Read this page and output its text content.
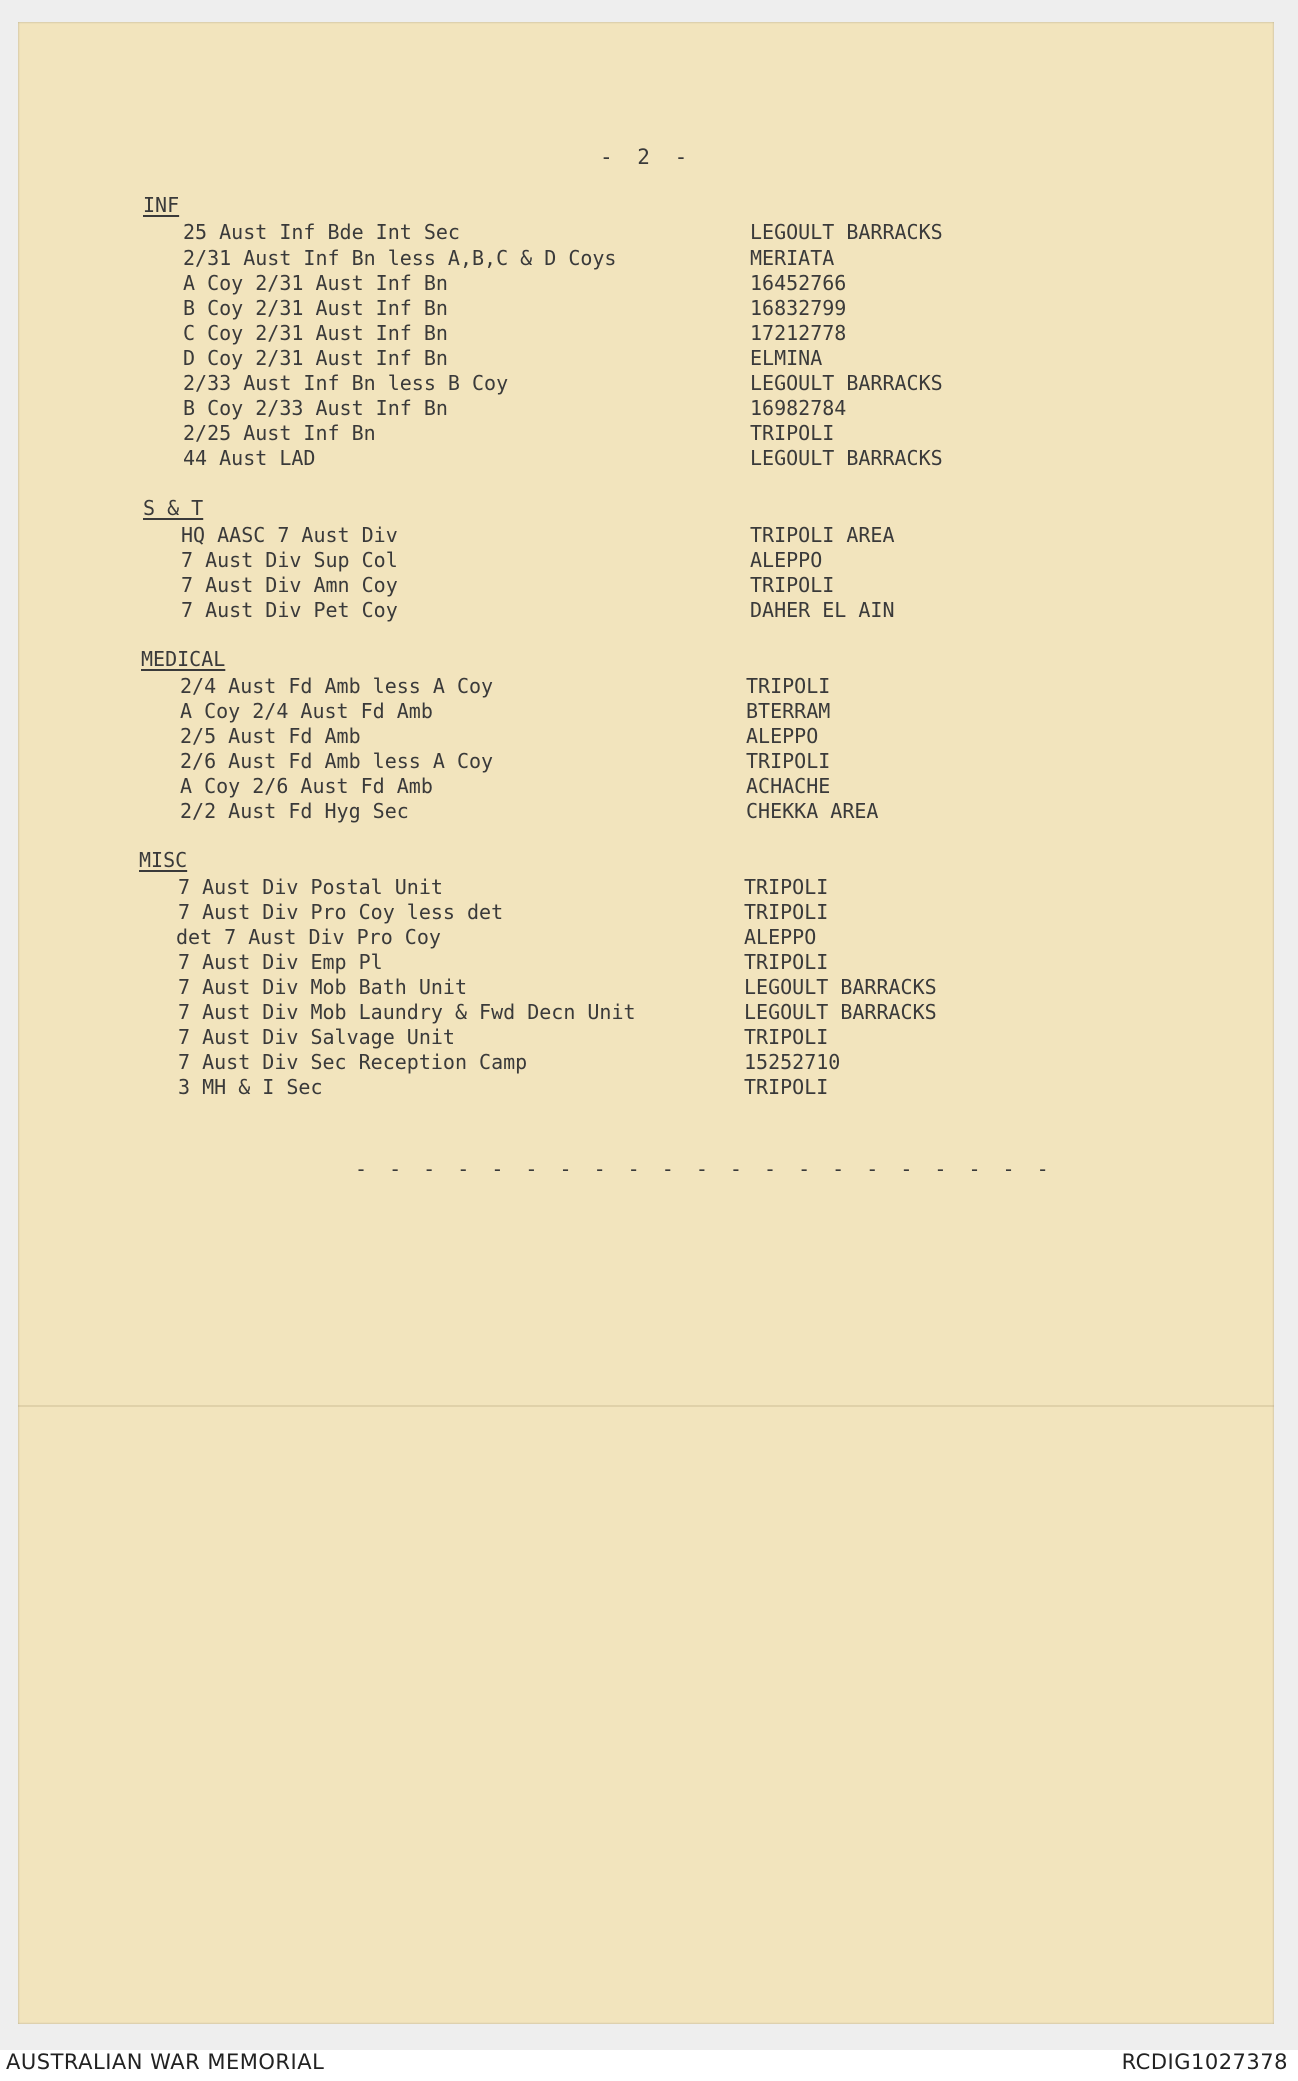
- 2 -
INF
25 Aust Inf Bde Int Sec	LEGOULT BARRACKS
2/31 Aust Inf Bn less A,B,C & D Coys	MERIATA
A Coy 2/31 Aust Inf Bn	16452766
B Coy 2/31 Aust Inf Bn	16832799
C Coy 2/31 Aust Inf Bn	17212778
D Coy 2/31 Aust Inf Bn	ELMINA
2/33 Aust Inf Bn less B Coy	LEGOULT BARRACKS
B Coy 2/33 Aust Inf Bn	16982784
2/25 Aust Inf Bn	TRIPOLI
44 Aust LAD	LEGOULT BARRACKS
S & T
HQ AASC 7 Aust Div	TRIPOLI AREA
7 Aust Div Sup Col	ALEPPO
7 Aust Div Amn Coy	TRIPOLI
7 Aust Div Pet Coy	DAHER EL AIN
MEDICAL
2/4 Aust Fd Amb less A Coy	TRIPOLI
A Coy 2/4 Aust Fd Amb	BTERRAM
2/5 Aust Fd Amb	ALEPPO
2/6 Aust Fd Amb less A Coy	TRIPOLI
A Coy 2/6 Aust Fd Amb	ACHACHE
2/2 Aust Fd Hyg Sec	CHEKKA AREA
MISC
7 Aust Div Postal Unit	TRIPOLI
7 Aust Div Pro Coy less det	TRIPOLI
det 7 Aust Div Pro Coy	ALEPPO
7 Aust Div Emp Pl	TRIPOLI
7 Aust Div Mob Bath Unit	LEGOULT BARRACKS
7 Aust Div Mob Laundry & Fwd Decn Unit	LEGOULT BARRACKS
7 Aust Div Salvage Unit	TRIPOLI
7 Aust Div Sec Reception Camp	15252710
3 MH & I Sec	TRIPOLI
- - - - - - - - - - - - - - - - - - - - -
AUSTRALIAN WAR MEMORIAL	RCDIG1027378
